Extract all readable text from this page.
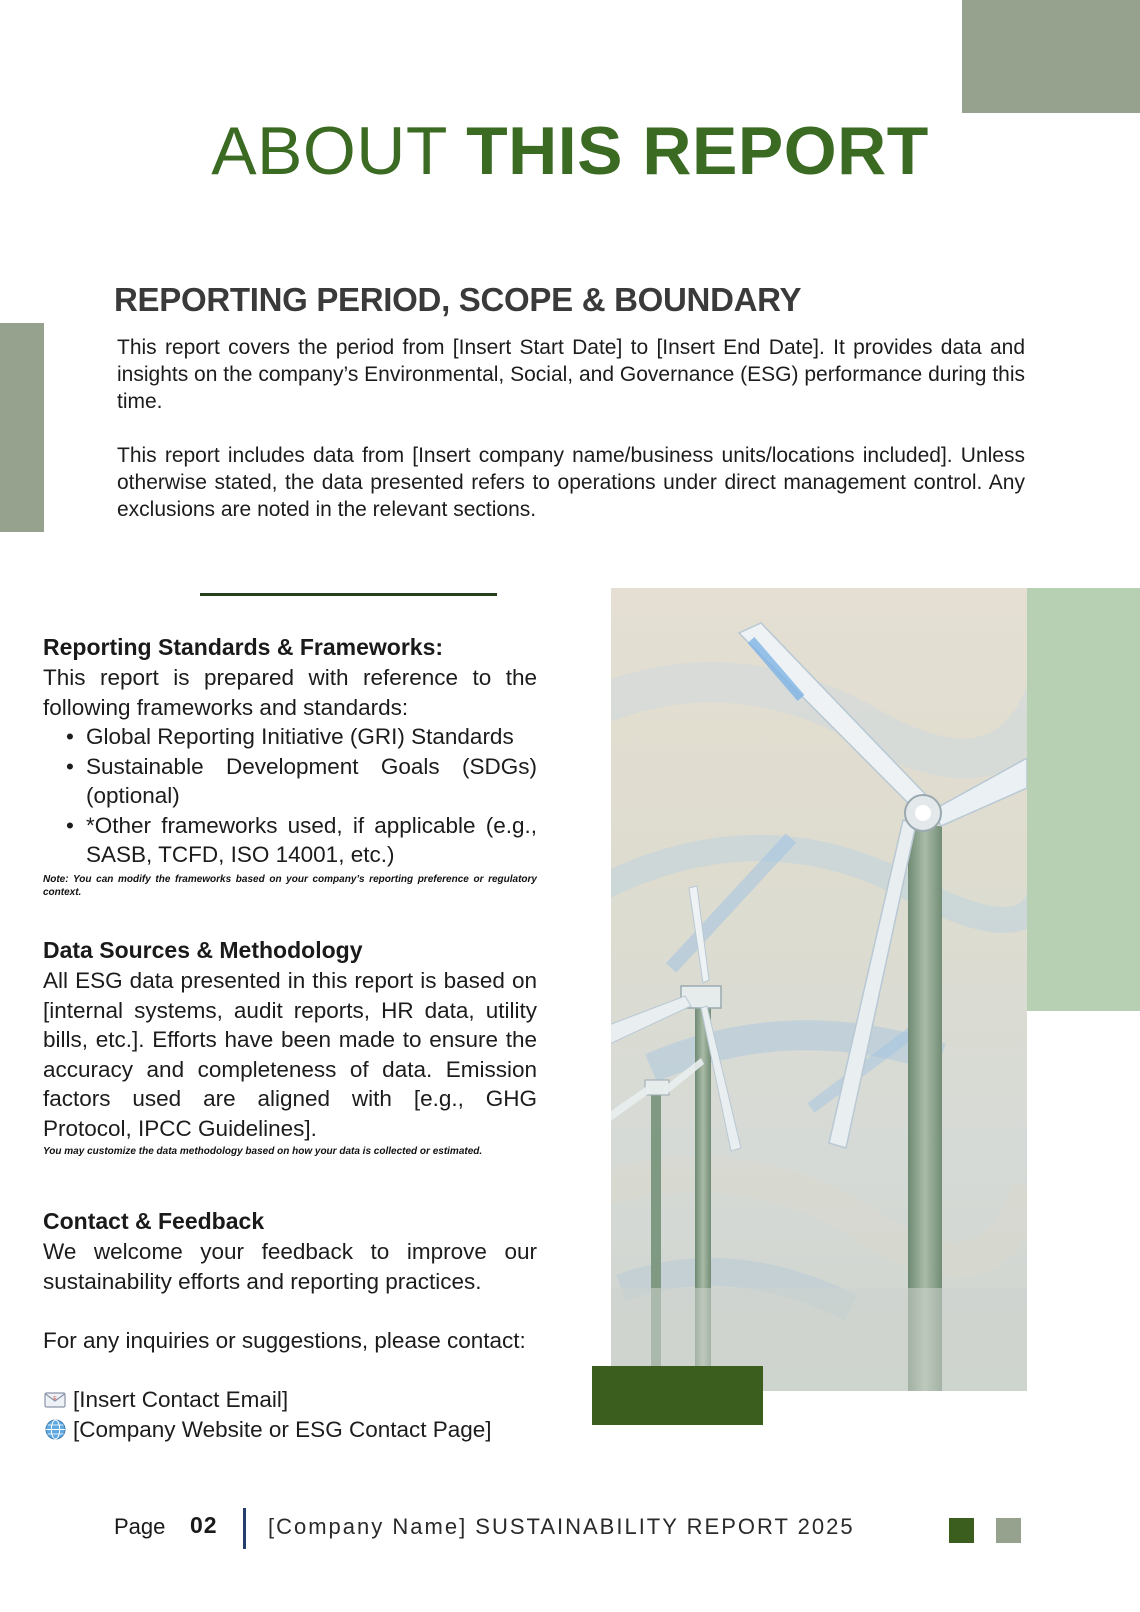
ABOUT THIS REPORT
REPORTING PERIOD, SCOPE & BOUNDARY
This report covers the period from [Insert Start Date] to [Insert End Date]. It provides data and insights on the company’s Environmental, Social, and Governance (ESG) performance during this time.
This report includes data from [Insert company name/business units/locations included]. Unless otherwise stated, the data presented refers to operations under direct management control. Any exclusions are noted in the relevant sections.
Reporting Standards & Frameworks:
This report is prepared with reference to the following frameworks and standards:
• Global Reporting Initiative (GRI) Standards
• Sustainable Development Goals (SDGs) (optional)
• *Other frameworks used, if applicable (e.g., SASB, TCFD, ISO 14001, etc.)
Note: You can modify the frameworks based on your company’s reporting preference or regulatory context.
Data Sources & Methodology
All ESG data presented in this report is based on [internal systems, audit reports, HR data, utility bills, etc.]. Efforts have been made to ensure the accuracy and completeness of data. Emission factors used are aligned with [e.g., GHG Protocol, IPCC Guidelines].
You may customize the data methodology based on how your data is collected or estimated.
Contact & Feedback
We welcome your feedback to improve our sustainability efforts and reporting practices.
For any inquiries or suggestions, please contact:
E [Insert Contact Email]
[Company Website or ESG Contact Page]
Page 02 [Company Name] SUSTAINABILITY REPORT 2025
